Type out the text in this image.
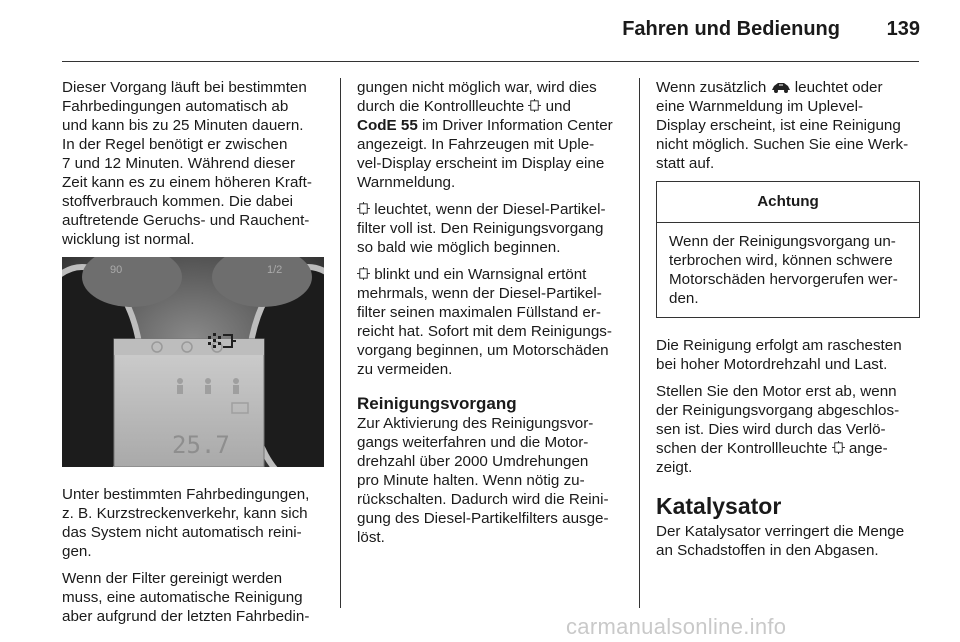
Fahren und Bedienung 139

Dieser Vorgang läuft bei bestimmten
Fahrbedingungen automatisch ab
und kann bis zu 25 Minuten dauern.
In der Regel benötigt er zwischen
7 und 12 Minuten. Während dieser
Zeit kann es zu einem höheren Kraft-
stoffverbrauch kommen. Die dabei
auftretende Geruchs- und Rauchent-
wicklung ist normal.

90	1/2
25.7

Unter bestimmten Fahrbedingungen,
z. B. Kurzstreckenverkehr, kann sich
das System nicht automatisch reini-
gen.

Wenn der Filter gereinigt werden
muss, eine automatische Reinigung
aber aufgrund der letzten Fahrbedin-

gungen nicht möglich war, wird dies
durch die Kontrollleuchte  und
CodE 55 im Driver Information Center
angezeigt. In Fahrzeugen mit Uple-
vel-Display erscheint im Display eine
Warnmeldung.

leuchtet, wenn der Diesel-Partikel-
filter voll ist. Den Reinigungsvorgang
so bald wie möglich beginnen.

blinkt und ein Warnsignal ertönt
mehrmals, wenn der Diesel-Partikel-
filter seinen maximalen Füllstand er-
reicht hat. Sofort mit dem Reinigungs-
vorgang beginnen, um Motorschäden
zu vermeiden.

Reinigungsvorgang

Zur Aktivierung des Reinigungsvor-
gangs weiterfahren und die Motor-
drehzahl über 2000 Umdrehungen
pro Minute halten. Wenn nötig zu-
rückschalten. Dadurch wird die Reini-
gung des Diesel-Partikelfilters ausge-
löst.

Wenn zusätzlich  leuchtet oder
eine Warnmeldung im Uplevel-
Display erscheint, ist eine Reinigung
nicht möglich. Suchen Sie eine Werk-
statt auf.

Achtung
Wenn der Reinigungsvorgang un-
terbrochen wird, können schwere
Motorschäden hervorgerufen wer-
den.

Die Reinigung erfolgt am raschesten
bei hoher Motordrehzahl und Last.

Stellen Sie den Motor erst ab, wenn
der Reinigungsvorgang abgeschlos-
sen ist. Dies wird durch das Verlö-
schen der Kontrollleuchte  ange-
zeigt.

Katalysator

Der Katalysator verringert die Menge
an Schadstoffen in den Abgasen.

carmanualsonline.info
